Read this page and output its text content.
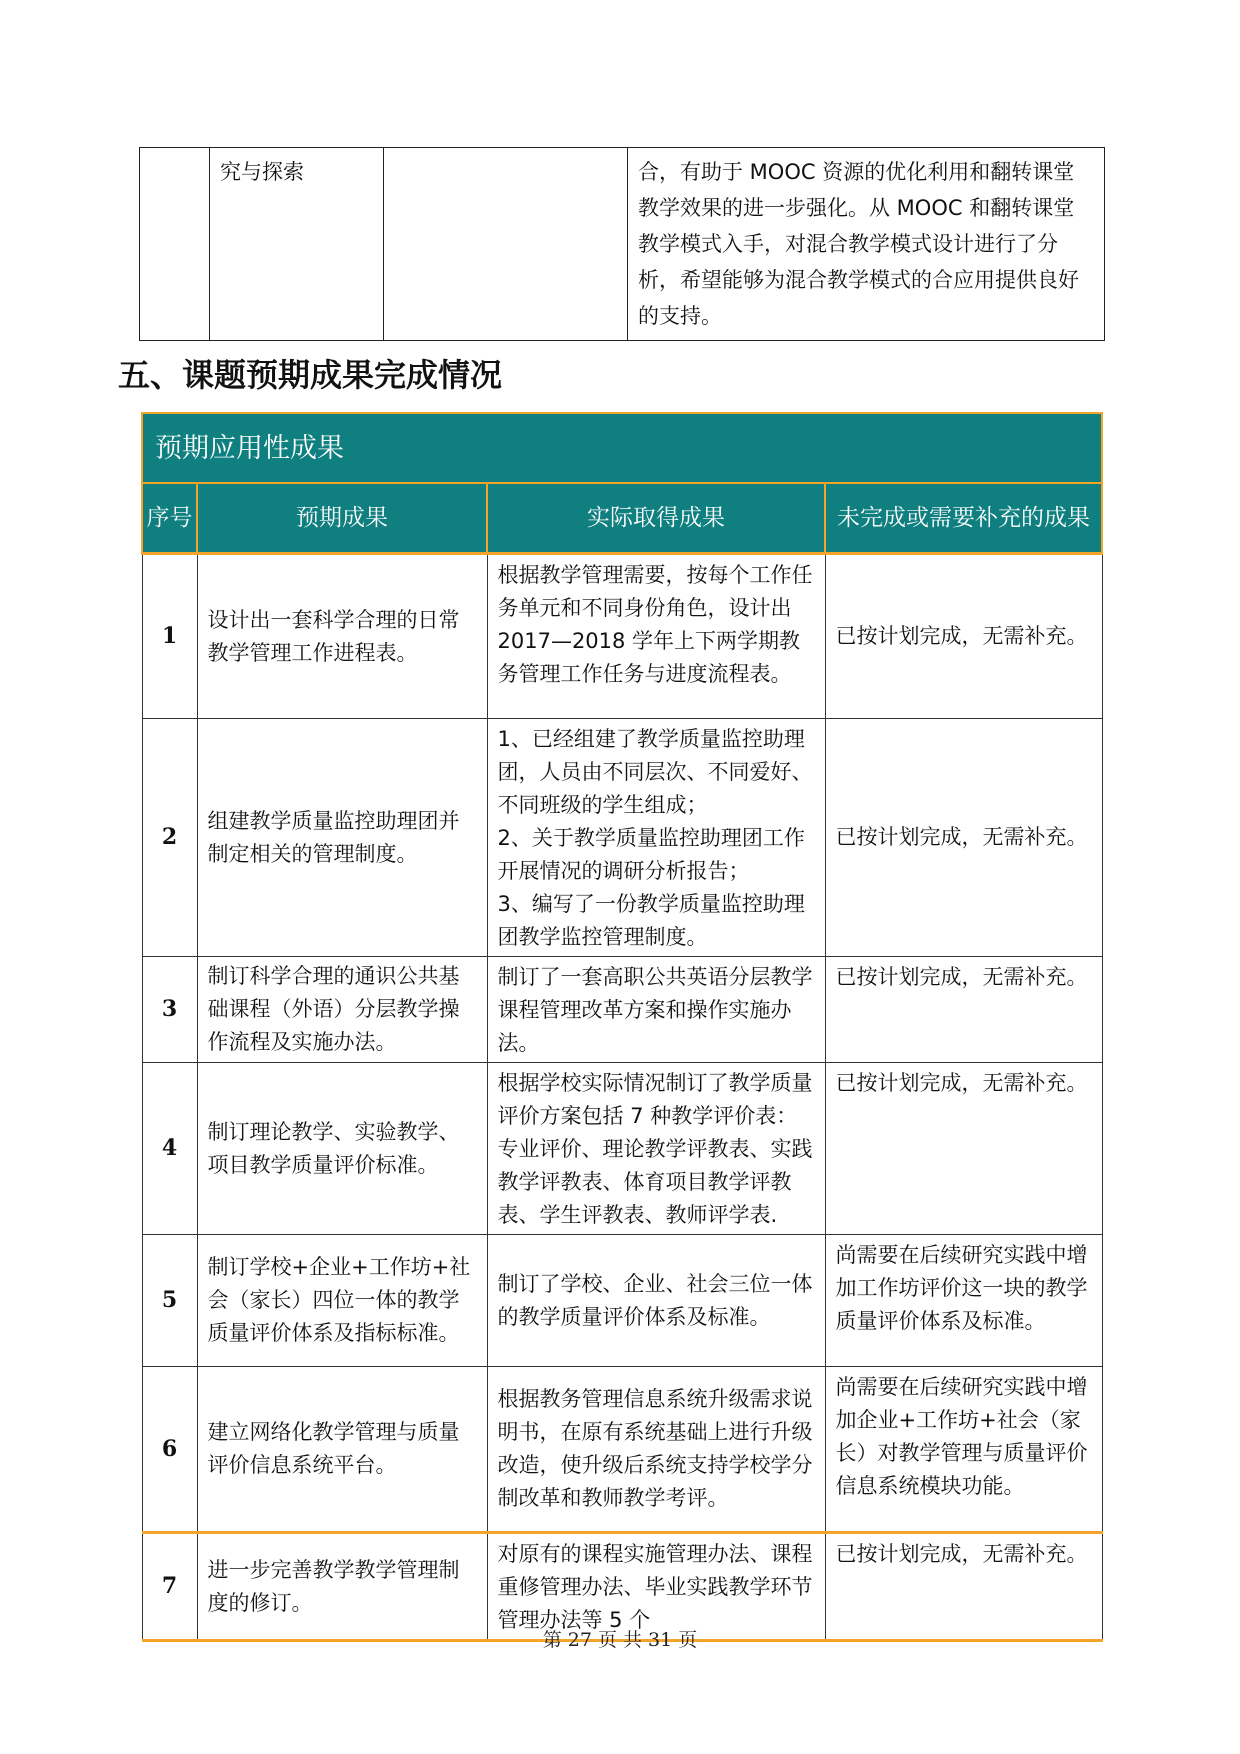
	究与探索		合，有助于 MOOC 资源的优化利用和翻转课堂教学效果的进一步强化。从 MOOC 和翻转课堂教学模式入手，对混合教学模式设计进行了分析，希望能够为混合教学模式的合应用提供良好的支持。
五、课题预期成果完成情况
预期应用性成果			
序号	预期成果	实际取得成果	未完成或需要补充的成果
1	设计出一套科学合理的日常教学管理工作进程表。	根据教学管理需要，按每个工作任务单元和不同身份角色，设计出 2017—2018 学年上下两学期教务管理工作任务与进度流程表。	已按计划完成，无需补充。
2	组建教学质量监控助理团并制定相关的管理制度。	1、已经组建了教学质量监控助理团，人员由不同层次、不同爱好、不同班级的学生组成；
2、关于教学质量监控助理团工作开展情况的调研分析报告；
3、编写了一份教学质量监控助理团教学监控管理制度。	已按计划完成，无需补充。
3	制订科学合理的通识公共基础课程（外语）分层教学操作流程及实施办法。	制订了一套高职公共英语分层教学课程管理改革方案和操作实施办法。	已按计划完成，无需补充。
4	制订理论教学、实验教学、项目教学质量评价标准。	根据学校实际情况制订了教学质量评价方案包括 7 种教学评价表：专业评价、理论教学评教表、实践教学评教表、体育项目教学评教表、学生评教表、教师评学表.	已按计划完成，无需补充。
5	制订学校+企业+工作坊+社会（家长）四位一体的教学质量评价体系及指标标准。	制订了学校、企业、社会三位一体的教学质量评价体系及标准。	尚需要在后续研究实践中增加工作坊评价这一块的教学质量评价体系及标准。
6	建立网络化教学管理与质量评价信息系统平台。	根据教务管理信息系统升级需求说明书，在原有系统基础上进行升级改造，使升级后系统支持学校学分制改革和教师教学考评。	尚需要在后续研究实践中增加企业+工作坊+社会（家长）对教学管理与质量评价信息系统模块功能。
7	进一步完善教学教学管理制度的修订。	对原有的课程实施管理办法、课程重修管理办法、毕业实践教学环节管理办法等 5 个	已按计划完成，无需补充。
第 27 页 共 31 页
